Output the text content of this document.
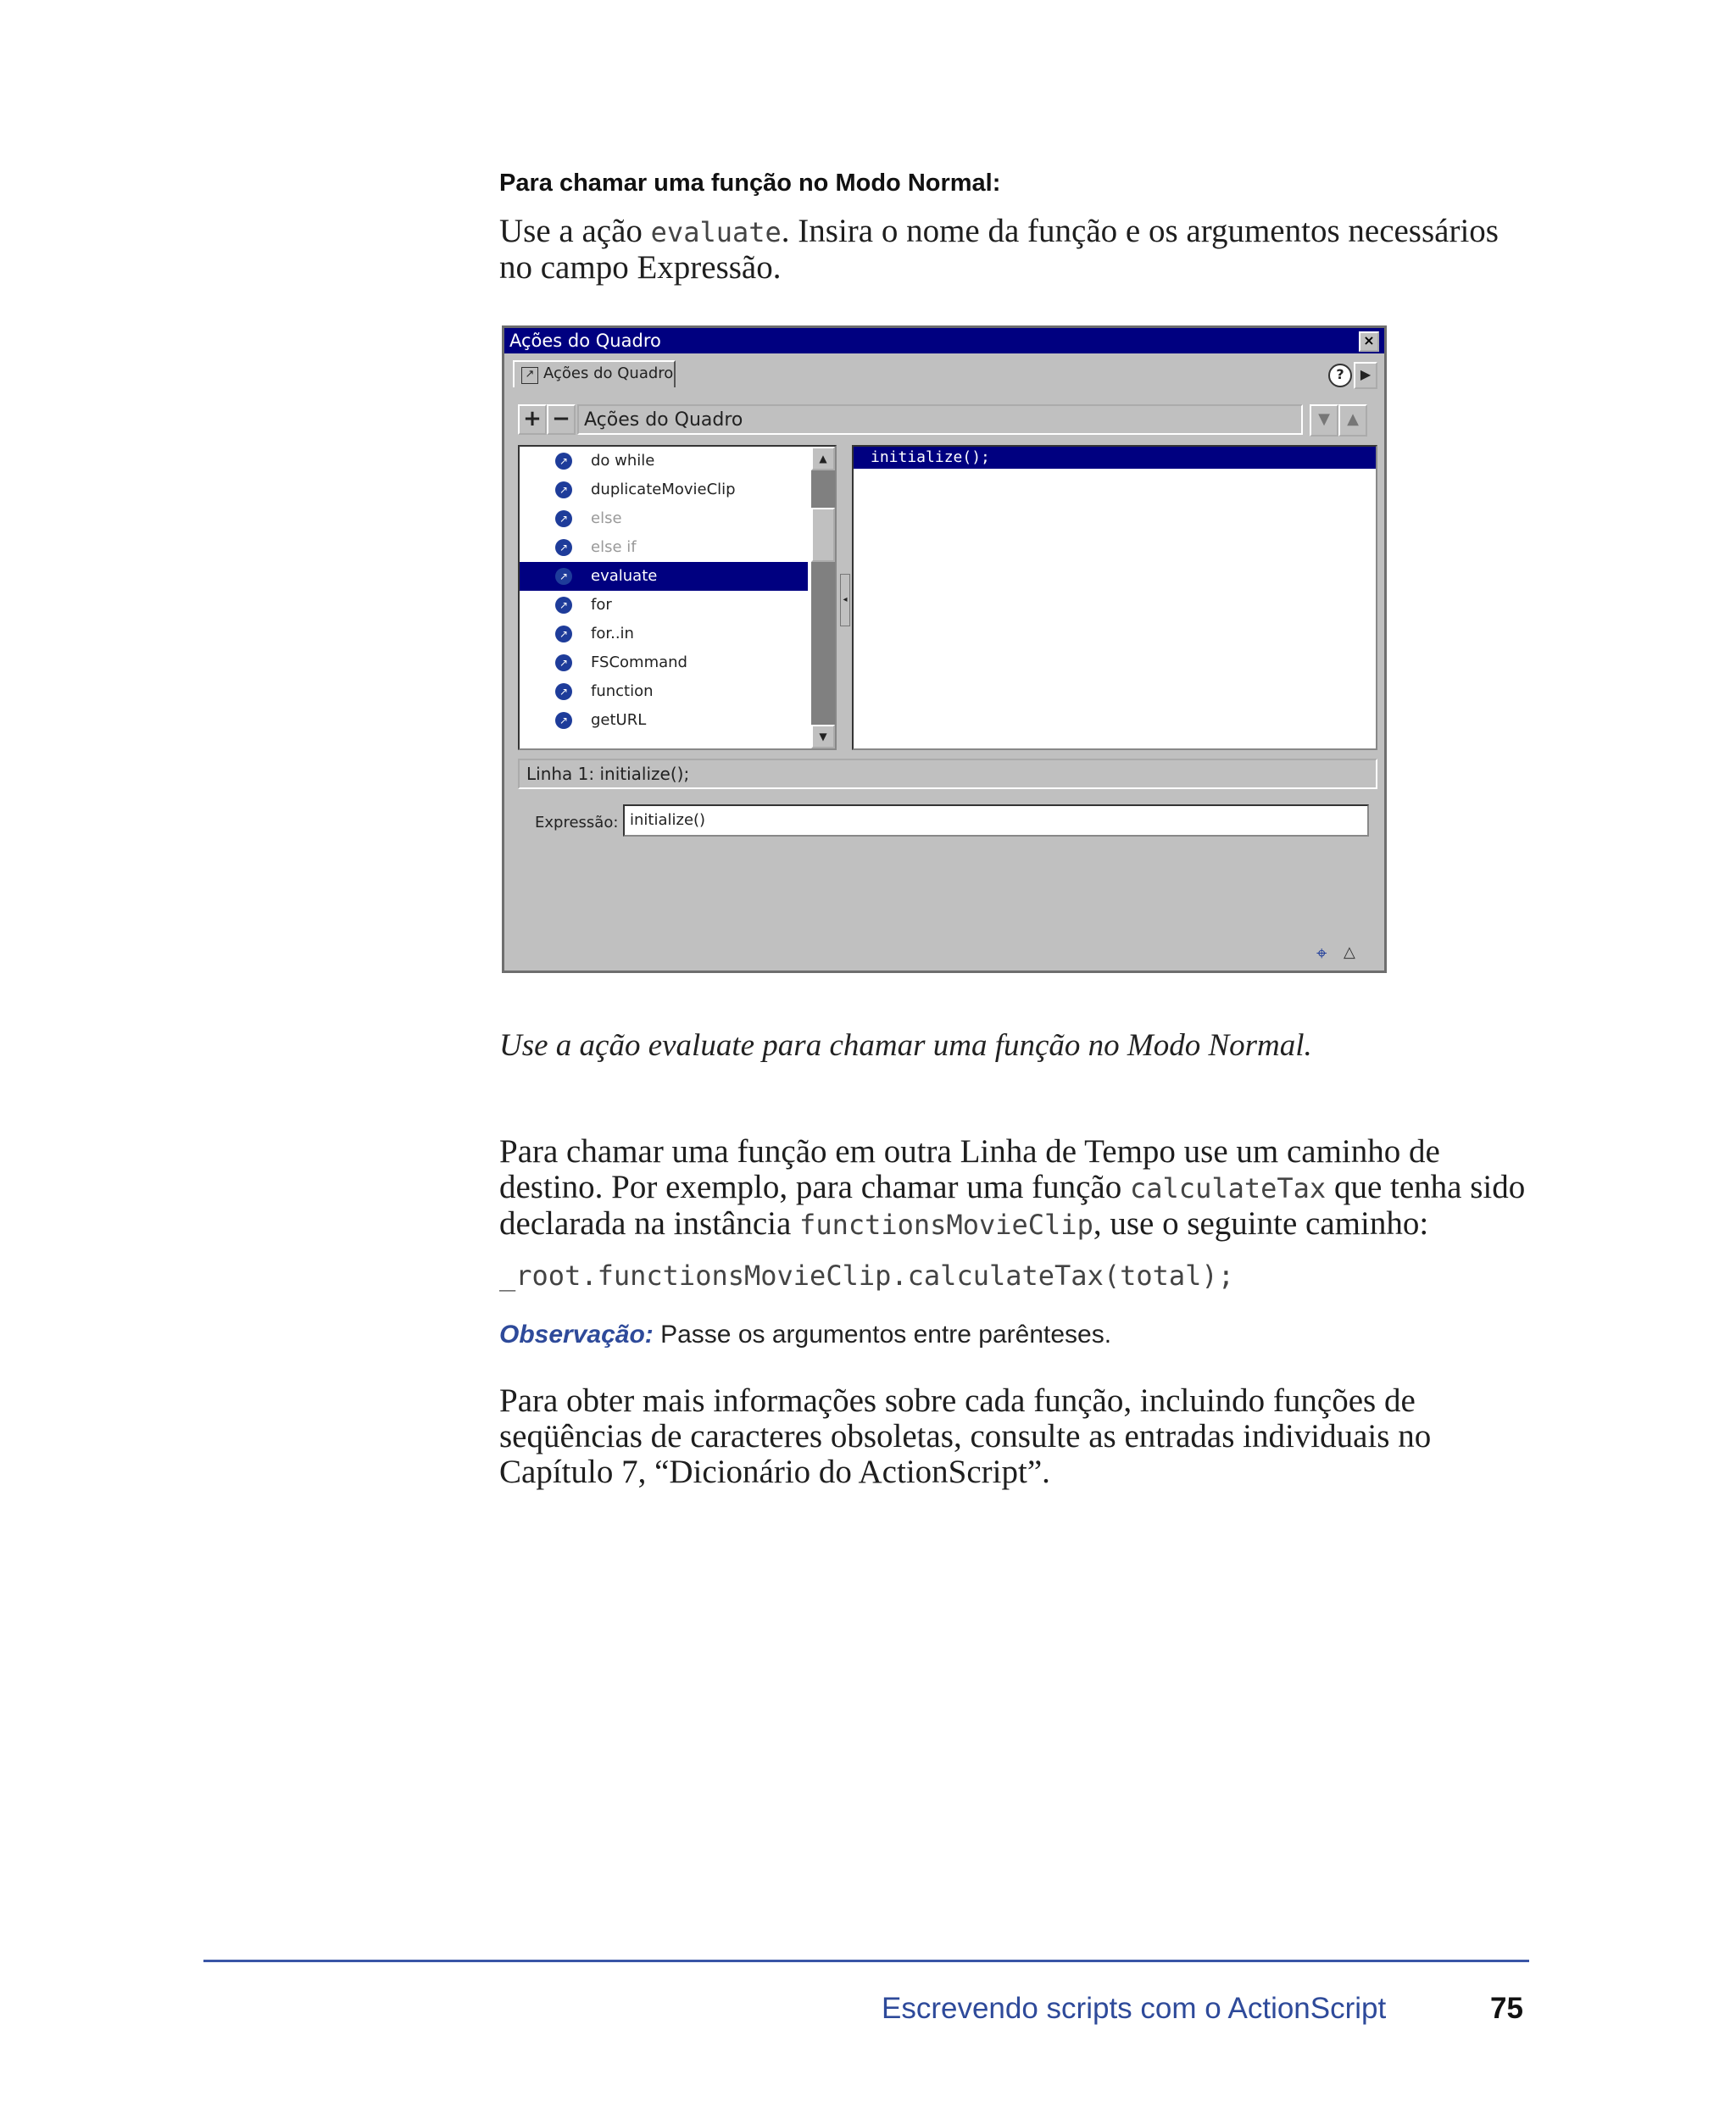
Para chamar uma função no Modo Normal:
Use a ação evaluate. Insira o nome da função e os argumentos necessários no campo Expressão.
Ações do Quadro	×
↗ Ações do Quadro	?	▶
+ − Ações do Quadro	▼	▲
↗ do while
↗ duplicateMovieClip
↗ else
↗ else if
↗ evaluate
↗ for
↗ for..in
↗ FSCommand
↗ function
↗ getURL
▲
▼
◂
initialize();
Linha 1: initialize();
Expressão: initialize()
⌖ △
Use a ação evaluate para chamar uma função no Modo Normal.
Para chamar uma função em outra Linha de Tempo use um caminho de destino. Por exemplo, para chamar uma função calculateTax que tenha sido declarada na instância functionsMovieClip, use o seguinte caminho:
_root.functionsMovieClip.calculateTax(total);
Observação: Passe os argumentos entre parênteses.
Para obter mais informações sobre cada função, incluindo funções de seqüências de caracteres obsoletas, consulte as entradas individuais no Capítulo 7, “Dicionário do ActionScript”.
Escrevendo scripts com o ActionScript	75
